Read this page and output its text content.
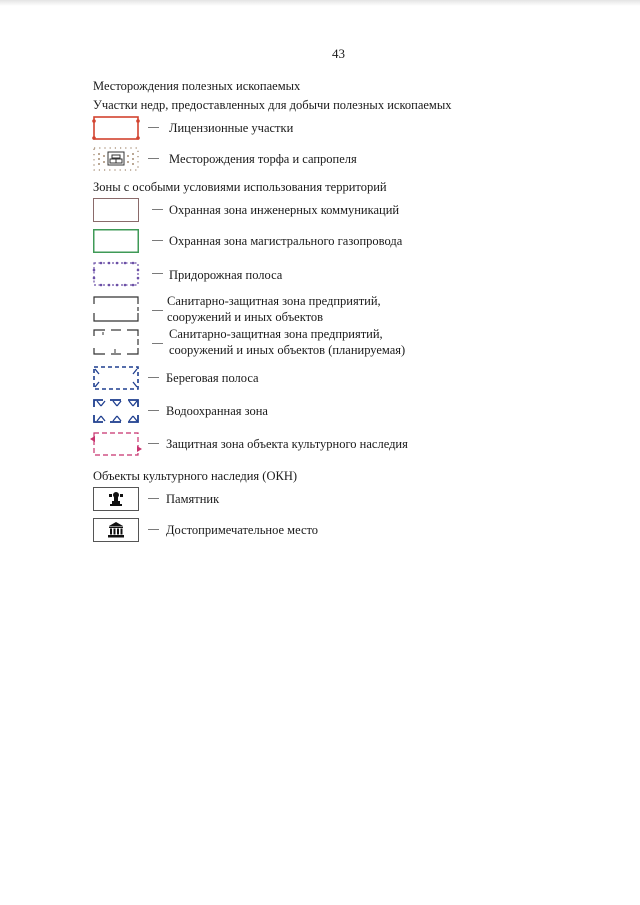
43
Месторождения полезных ископаемых
Участки недр, предоставленных для добычи полезных ископаемых
Лицензионные участки
Месторождения торфа и сапропеля
Зоны с особыми условиями использования территорий
Охранная зона инженерных коммуникаций
Охранная зона магистрального газопровода
Придорожная полоса
Санитарно-защитная зона предприятий,
сооружений и иных объектов
Санитарно-защитная зона предприятий,
сооружений и иных объектов (планируемая)
Береговая полоса
Водоохранная зона
Защитная зона объекта культурного наследия
Объекты культурного наследия (ОКН)
Памятник
Достопримечательное место
